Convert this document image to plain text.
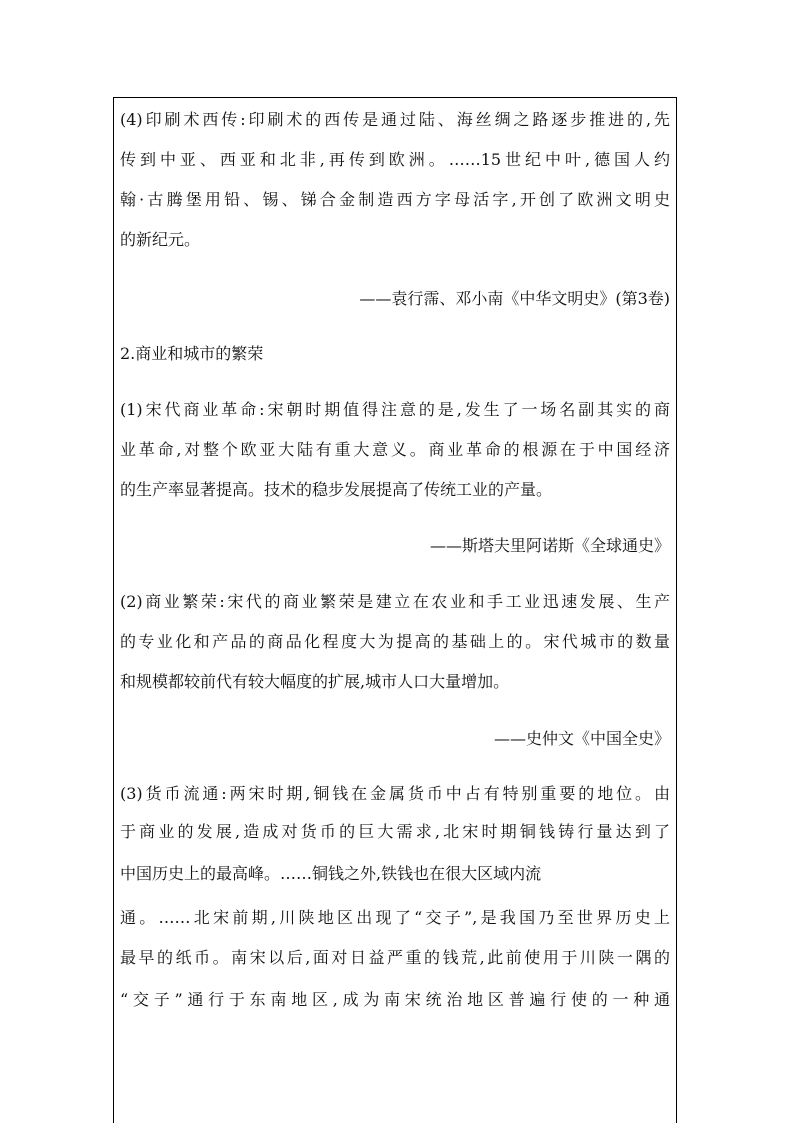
(4)印刷术西传:印刷术的西传是通过陆、海丝绸之路逐步推进的,先
传到中亚、西亚和北非,再传到欧洲。……15世纪中叶,德国人约
翰·古腾堡用铅、锡、锑合金制造西方字母活字,开创了欧洲文明史
的新纪元。
——袁行霈、邓小南《中华文明史》(第3卷)
2.商业和城市的繁荣
(1)宋代商业革命:宋朝时期值得注意的是,发生了一场名副其实的商
业革命,对整个欧亚大陆有重大意义。商业革命的根源在于中国经济
的生产率显著提高。技术的稳步发展提高了传统工业的产量。
——斯塔夫里阿诺斯《全球通史》
(2)商业繁荣:宋代的商业繁荣是建立在农业和手工业迅速发展、生产
的专业化和产品的商品化程度大为提高的基础上的。宋代城市的数量
和规模都较前代有较大幅度的扩展,城市人口大量增加。
——史仲文《中国全史》
(3)货币流通:两宋时期,铜钱在金属货币中占有特别重要的地位。由
于商业的发展,造成对货币的巨大需求,北宋时期铜钱铸行量达到了
中国历史上的最高峰。……铜钱之外,铁钱也在很大区域内流
通。……北宋前期,川陕地区出现了“交子”,是我国乃至世界历史上
最早的纸币。南宋以后,面对日益严重的钱荒,此前使用于川陕一隅的
“交子”通行于东南地区,成为南宋统治地区普遍行使的一种通
